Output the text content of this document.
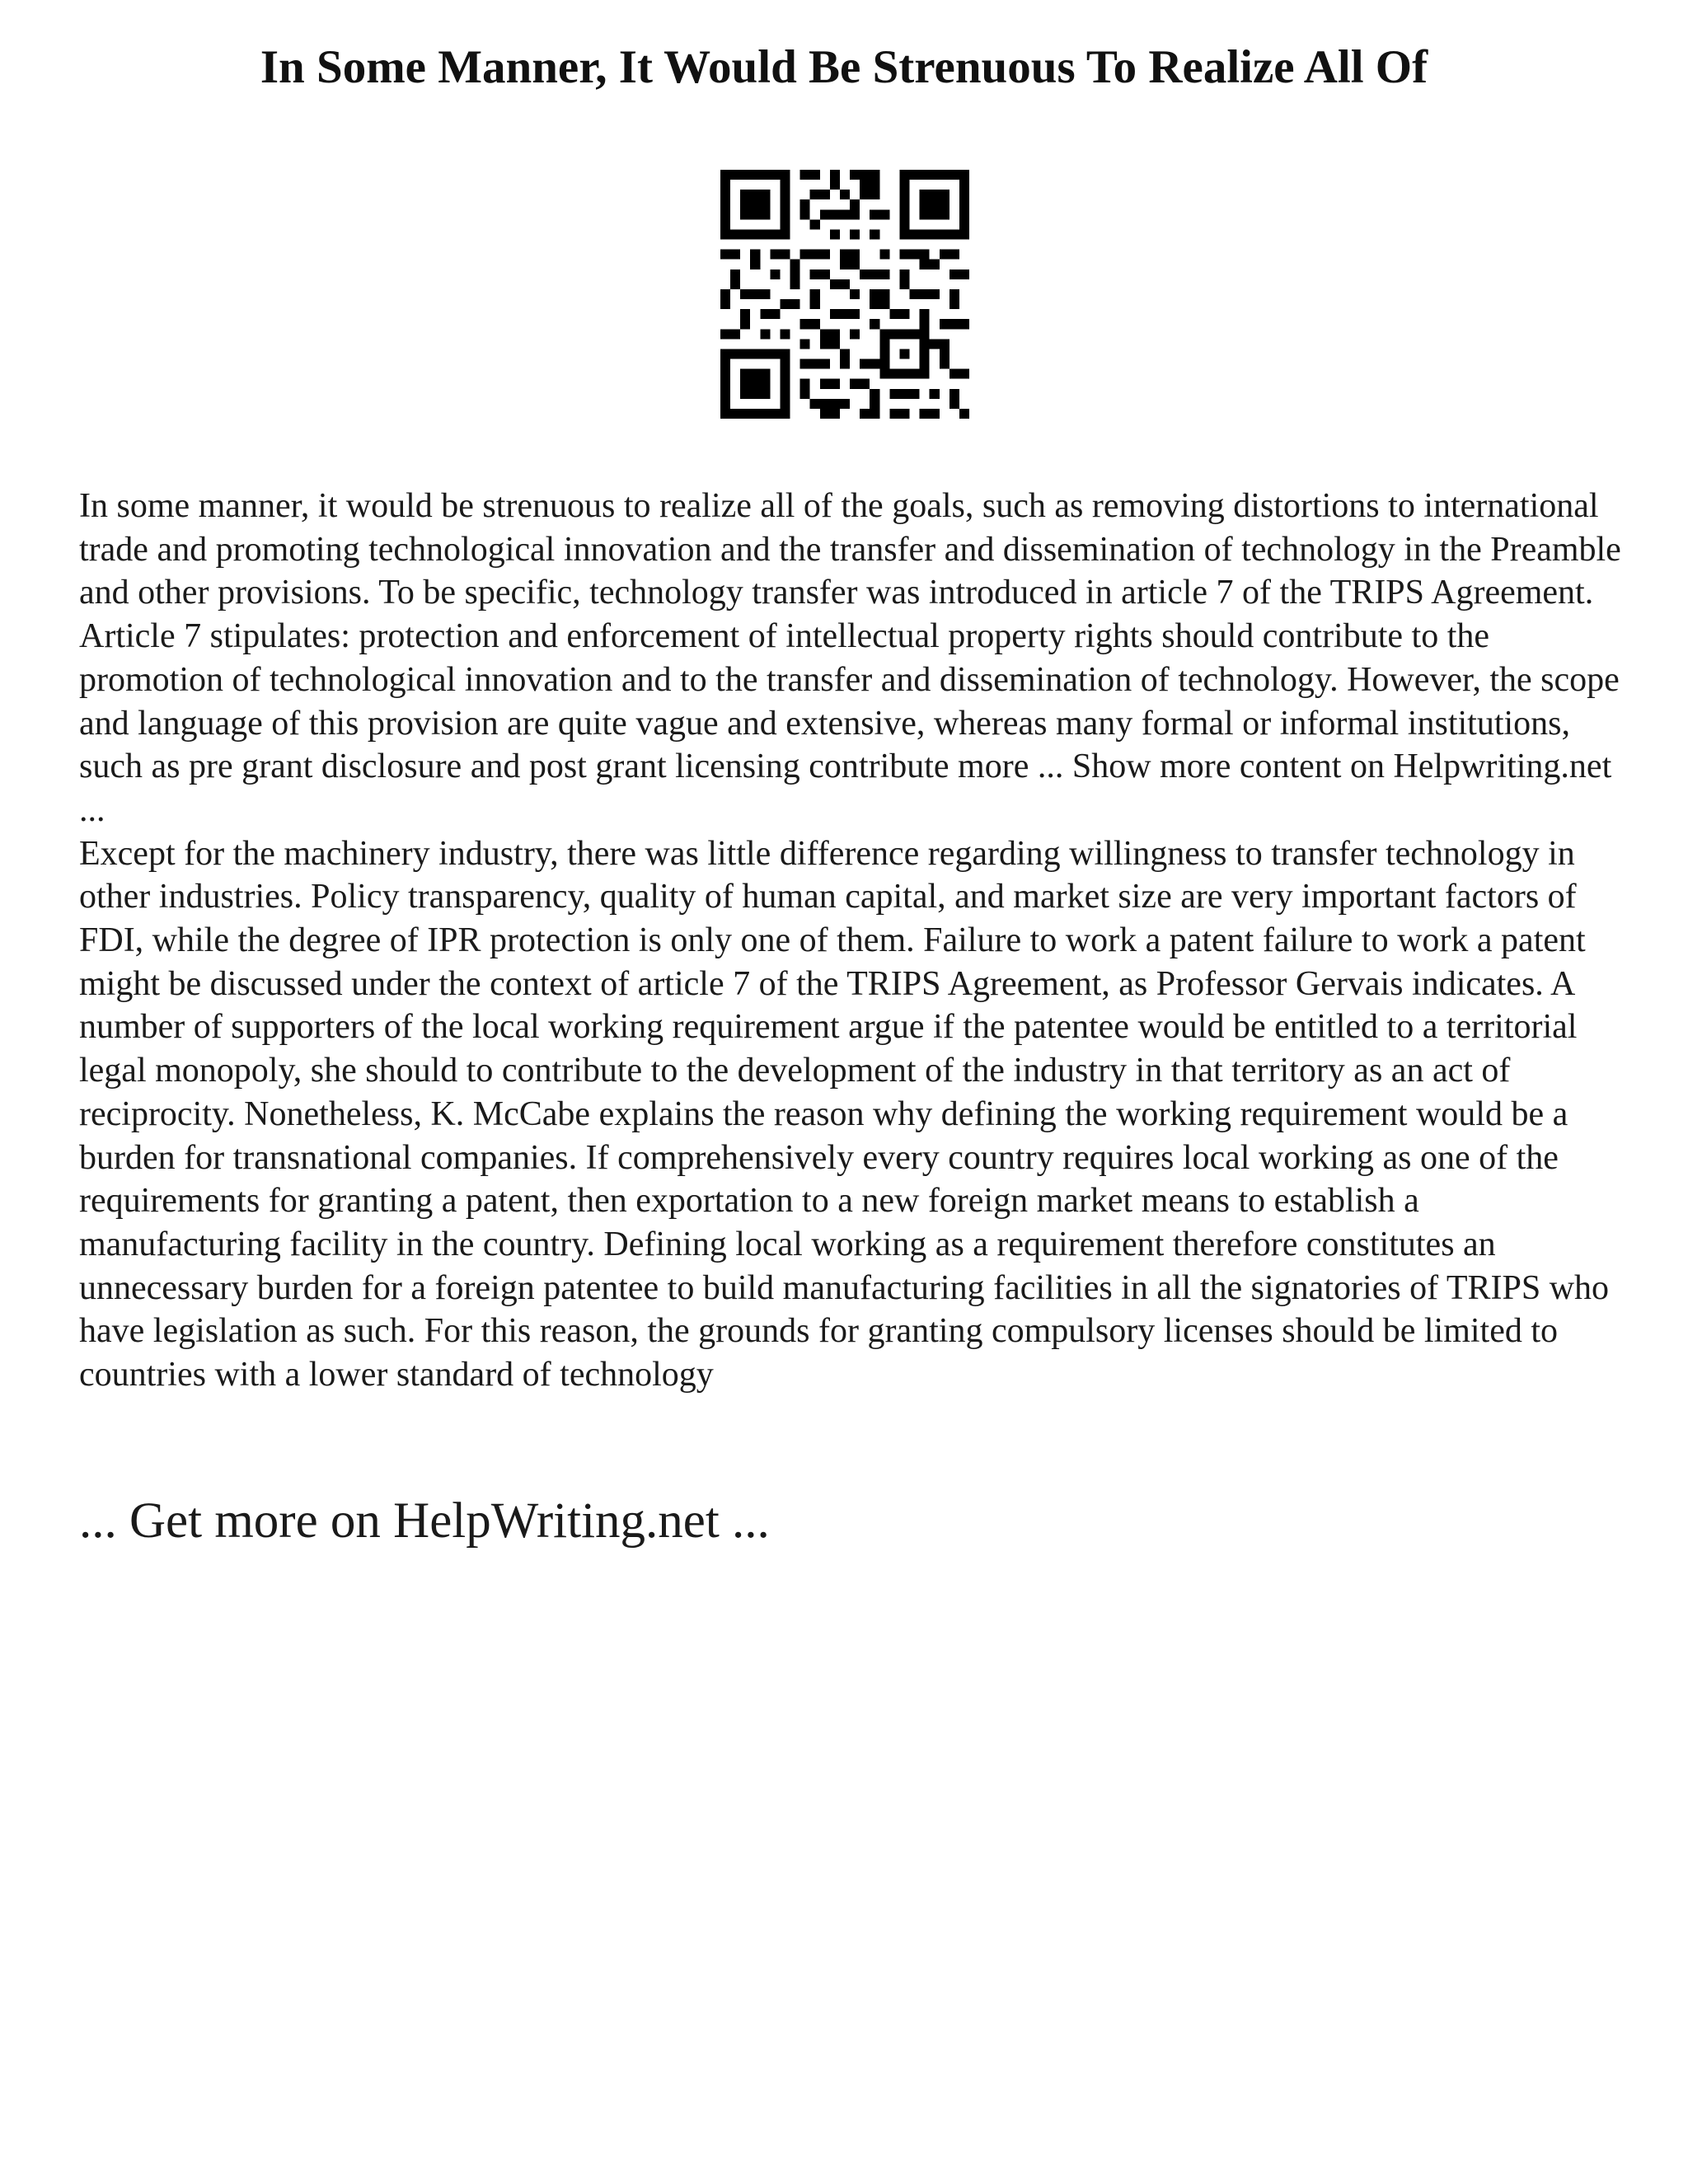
In Some Manner, It Would Be Strenuous To Realize All Of

In some manner, it would be strenuous to realize all of the goals, such as removing distortions to international trade and promoting technological innovation and the transfer and dissemination of technology in the Preamble and other provisions. To be specific, technology transfer was introduced in article 7 of the TRIPS Agreement. Article 7 stipulates: protection and enforcement of intellectual property rights should contribute to the promotion of technological innovation and to the transfer and dissemination of technology. However, the scope and language of this provision are quite vague and extensive, whereas many formal or informal institutions, such as pre grant disclosure and post grant licensing contribute more ... Show more content on Helpwriting.net ...

Except for the machinery industry, there was little difference regarding willingness to transfer technology in other industries. Policy transparency, quality of human capital, and market size are very important factors of FDI, while the degree of IPR protection is only one of them. Failure to work a patent failure to work a patent might be discussed under the context of article 7 of the TRIPS Agreement, as Professor Gervais indicates. A number of supporters of the local working requirement argue if the patentee would be entitled to a territorial legal monopoly, she should to contribute to the development of the industry in that territory as an act of reciprocity. Nonetheless, K. McCabe explains the reason why defining the working requirement would be a burden for transnational companies. If comprehensively every country requires local working as one of the requirements for granting a patent, then exportation to a new foreign market means to establish a manufacturing facility in the country. Defining local working as a requirement therefore constitutes an unnecessary burden for a foreign patentee to build manufacturing facilities in all the signatories of TRIPS who have legislation as such. For this reason, the grounds for granting compulsory licenses should be limited to countries with a lower standard of technology

... Get more on HelpWriting.net ...
